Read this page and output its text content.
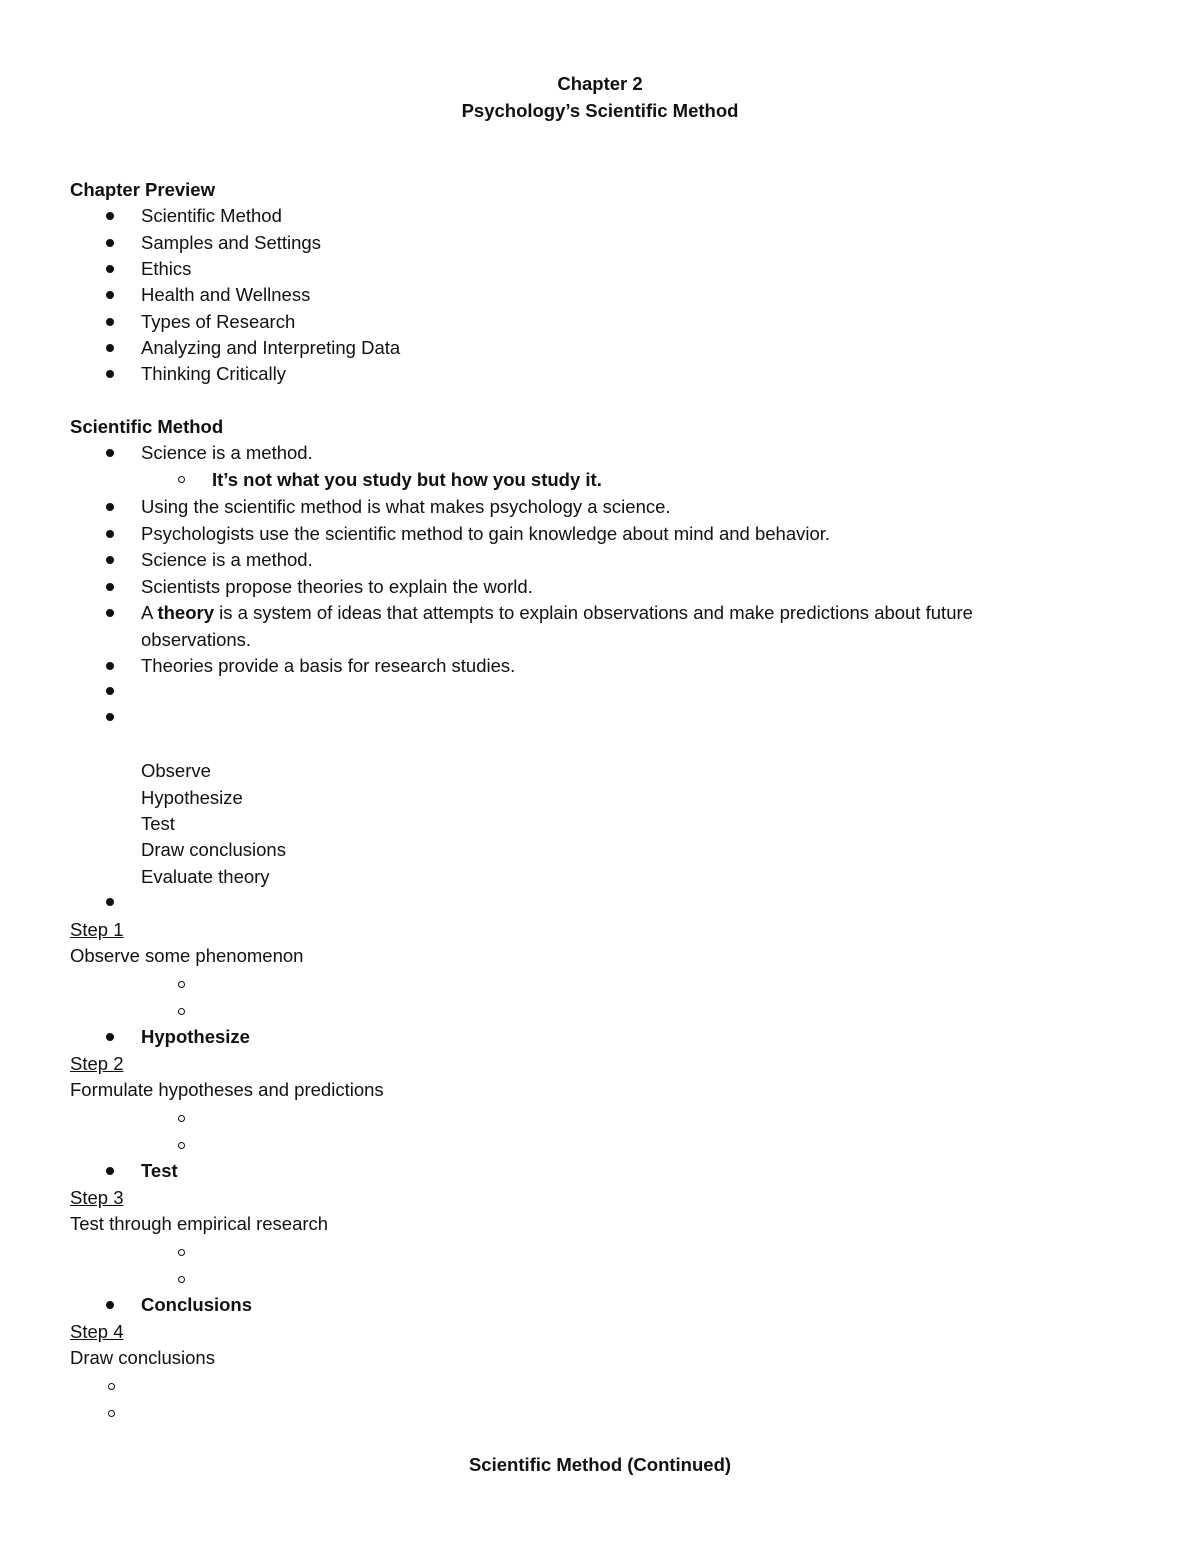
Chapter 2
Psychology’s Scientific Method
Chapter Preview
Scientific Method
Samples and Settings
Ethics
Health and Wellness
Types of Research
Analyzing and Interpreting Data
Thinking Critically
Scientific Method
Science is a method.
It’s not what you study but how you study it.
Using the scientific method is what makes psychology a science.
Psychologists use the scientific method to gain knowledge about mind and behavior.
Science is a method.
Scientists propose theories to explain the world.
A theory is a system of ideas that attempts to explain observations and make predictions about future
observations.
Theories provide a basis for research studies.
Observe
Hypothesize
Test
Draw conclusions
Evaluate theory
Step 1
Observe some phenomenon
Hypothesize
Step 2
Formulate hypotheses and predictions
Test
Step 3
Test through empirical research
Conclusions
Step 4
Draw conclusions
Scientific Method (Continued)
